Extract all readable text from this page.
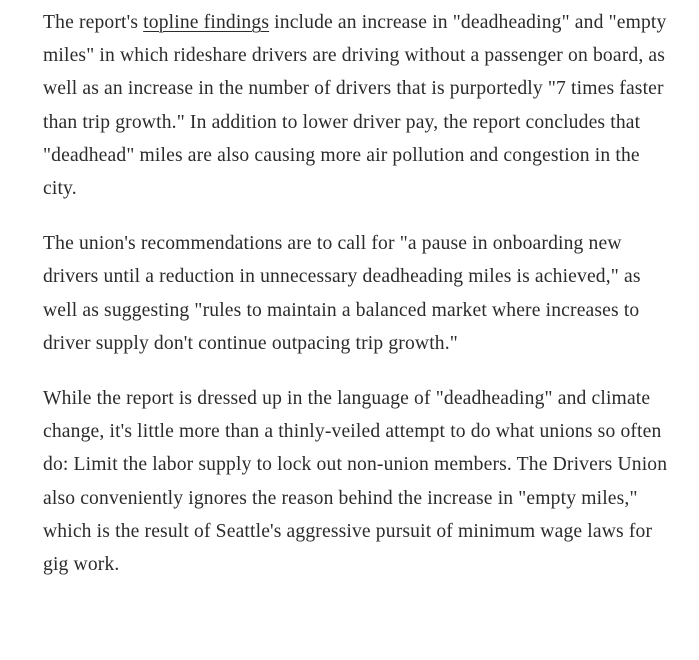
The report's topline findings include an increase in "deadheading" and "empty miles" in which rideshare drivers are driving without a passenger on board, as well as an increase in the number of drivers that is purportedly "7 times faster than trip growth." In addition to lower driver pay, the report concludes that "deadhead" miles are also causing more air pollution and congestion in the city.

The union's recommendations are to call for "a pause in onboarding new drivers until a reduction in unnecessary deadheading miles is achieved," as well as suggesting "rules to maintain a balanced market where increases to driver supply don't continue outpacing trip growth."

While the report is dressed up in the language of "deadheading" and climate change, it's little more than a thinly-veiled attempt to do what unions so often do: Limit the labor supply to lock out non-union members. The Drivers Union also conveniently ignores the reason behind the increase in "empty miles," which is the result of Seattle's aggressive pursuit of minimum wage laws for gig work.
